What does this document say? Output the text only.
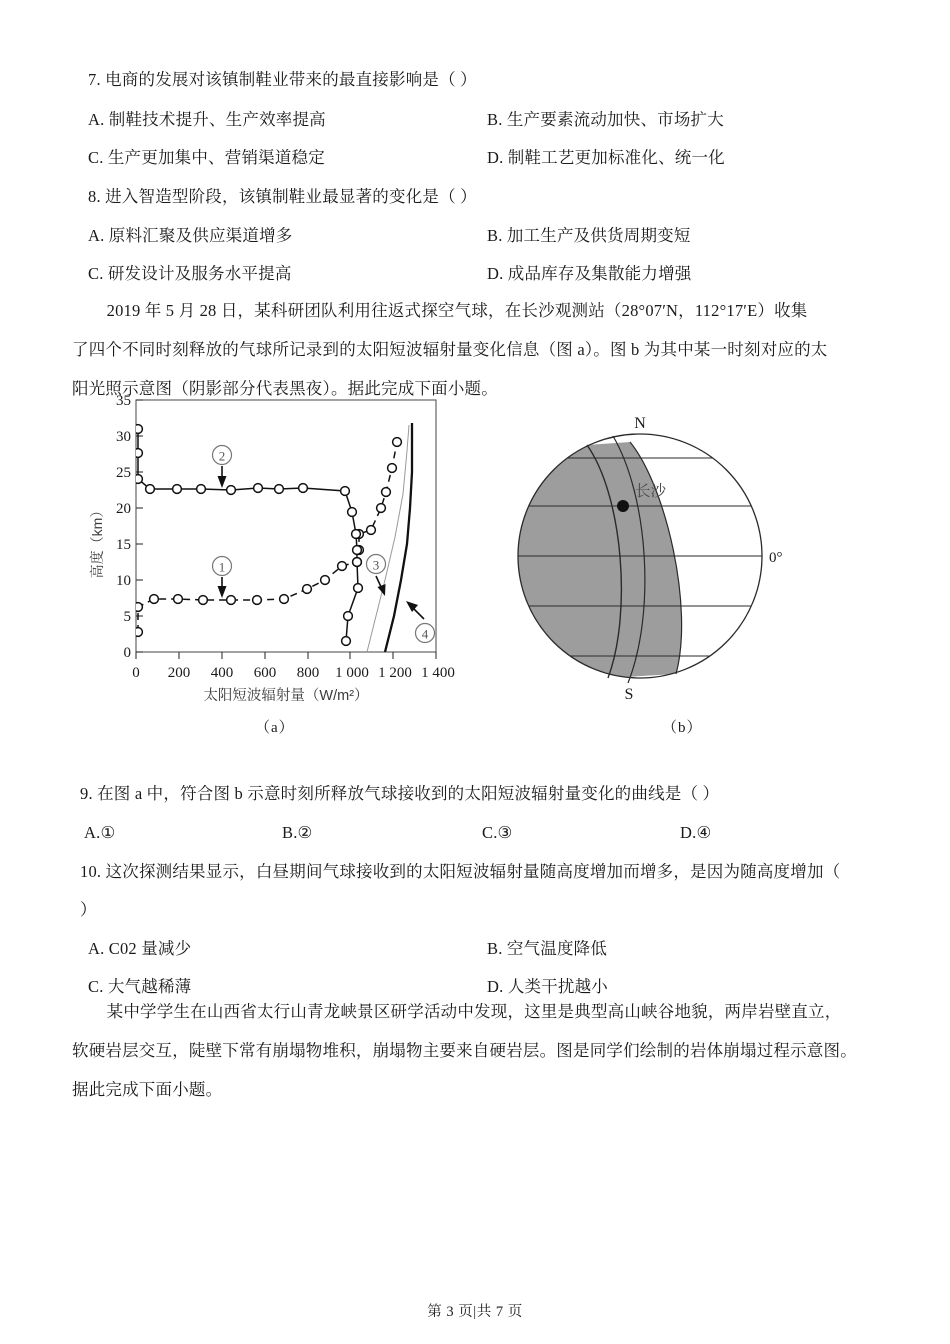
7. 电商的发展对该镇制鞋业带来的最直接影响是（ ）
A. 制鞋技术提升、生产效率提高	B. 生产要素流动加快、市场扩大
C. 生产更加集中、营销渠道稳定	D. 制鞋工艺更加标准化、统一化
8. 进入智造型阶段，该镇制鞋业最显著的变化是（ ）
A. 原料汇聚及供应渠道增多	B. 加工生产及供货周期变短
C. 研发设计及服务水平提高	D. 成品库存及集散能力增强
2019 年 5 月 28 日，某科研团队利用往返式探空气球，在长沙观测站（28°07′N，112°17′E）收集
了四个不同时刻释放的气球所记录到的太阳短波辐射量变化信息（图 a）。图 b 为其中某一时刻对应的太
阳光照示意图（阴影部分代表黑夜）。据此完成下面小题。
0
5
10
15
20
25
30
35
0 200 400 600 800 1 000 1 200 1 400
高度（km）
2
1	3
4
太阳短波辐射量（W/m²）
（a）
长沙
N
S
0°
（b）
9. 在图 a 中，符合图 b 示意时刻所释放气球接收到的太阳短波辐射量变化的曲线是（ ）
A.①	B.②	C.③	D.④
10. 这次探测结果显示，白昼期间气球接收到的太阳短波辐射量随高度增加而增多，是因为随高度增加（
）
A. C02 量减少	B. 空气温度降低
C. 大气越稀薄	D. 人类干扰越小
某中学学生在山西省太行山青龙峡景区研学活动中发现，这里是典型高山峡谷地貌，两岸岩壁直立，
软硬岩层交互，陡壁下常有崩塌物堆积，崩塌物主要来自硬岩层。图是同学们绘制的岩体崩塌过程示意图。
据此完成下面小题。
第 3 页|共 7 页
